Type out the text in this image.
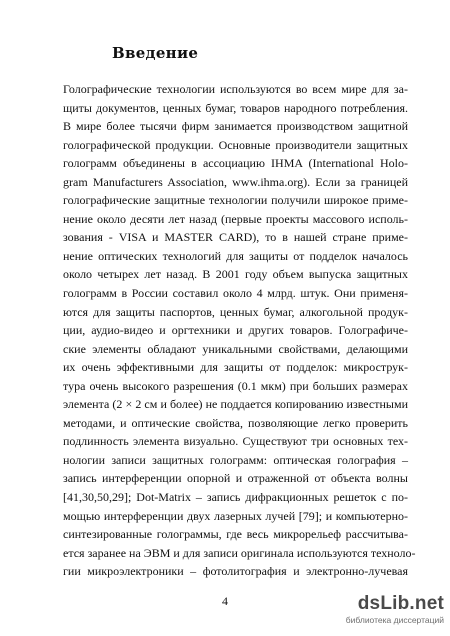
Введение
Голографические технологии используются во всем мире для за-
щиты документов, ценных бумаг, товаров народного потребления.
В мире более тысячи фирм занимается производством защитной
голографической продукции. Основные производители защитных
голограмм объединены в ассоциацию IHMA (International Holo-
gram Manufacturers Association, www.ihma.org). Если за границей
голографические защитные технологии получили широкое приме-
нение около десяти лет назад (первые проекты массового исполь-
зования - VISA и MASTER CARD), то в нашей стране приме-
нение оптических технологий для защиты от подделок началось
около четырех лет назад. В 2001 году объем выпуска защитных
голограмм в России составил около 4 млрд. штук. Они применя-
ются для защиты паспортов, ценных бумаг, алкогольной продук-
ции, аудио-видео и оргтехники и других товаров. Голографиче-
ские элементы обладают уникальными свойствами, делающими
их очень эффективными для защиты от подделок: микрострук-
тура очень высокого разрешения (0.1 мкм) при больших размерах
элемента (2 × 2 см и более) не поддается копированию известными
методами, и оптические свойства, позволяющие легко проверить
подлинность элемента визуально. Существуют три основных тех-
нологии записи защитных голограмм: оптическая голография –
запись интерференции опорной и отраженной от объекта волны
[41,30,50,29]; Dot-Matrix – запись дифракционных решеток с по-
мощью интерференции двух лазерных лучей [79]; и компьютерно-
синтезированные голограммы, где весь микрорельеф рассчитыва-
ется заранее на ЭВМ и для записи оригинала используются техноло-
гии микроэлектроники – фотолитография и электронно-лучевая
4	dsLib.net
библиотека диссертаций
